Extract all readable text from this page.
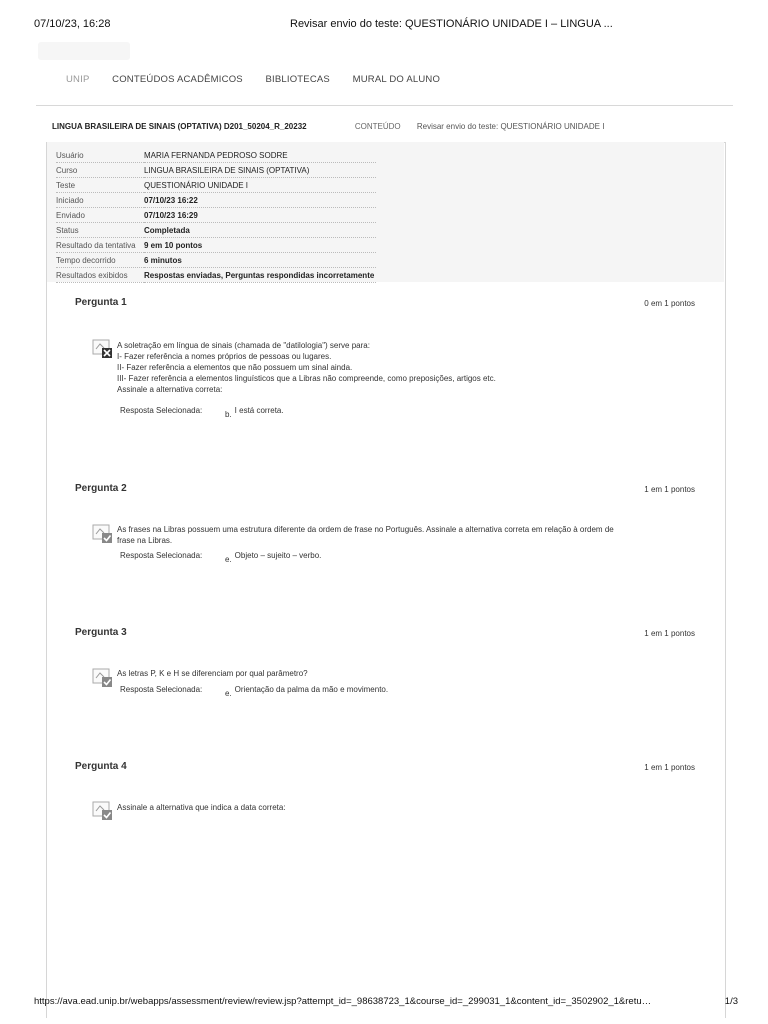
07/10/23, 16:28	Revisar envio do teste: QUESTIONÁRIO UNIDADE I – LINGUA ...
UNIP CONTEÚDOS ACADÊMICOS BIBLIOTECAS MURAL DO ALUNO
LINGUA BRASILEIRA DE SINAIS (OPTATIVA) D201_50204_R_20232	CONTEÚDO Revisar envio do teste: QUESTIONÁRIO UNIDADE I
Usuário	MARIA FERNANDA PEDROSO SODRE
Curso	LINGUA BRASILEIRA DE SINAIS (OPTATIVA)
Teste	QUESTIONÁRIO UNIDADE I
Iniciado	07/10/23 16:22
Enviado	07/10/23 16:29
Status	Completada
Resultado da tentativa	9 em 10 pontos
Tempo decorrido	6 minutos
Resultados exibidos	Respostas enviadas, Perguntas respondidas incorretamente
Pergunta 1	0 em 1 pontos
A soletração em língua de sinais (chamada de "datilologia") serve para:
I- Fazer referência a nomes próprios de pessoas ou lugares.
II- Fazer referência a elementos que não possuem um sinal ainda.
III- Fazer referência a elementos linguísticos que a Libras não compreende, como preposições, artigos etc.
Assinale a alternativa correta:
Resposta Selecionada:	b. I está correta.
Pergunta 2	1 em 1 pontos
As frases na Libras possuem uma estrutura diferente da ordem de frase no Português. Assinale a alternativa correta em relação à ordem de
frase na Libras.
Resposta Selecionada:	e. Objeto – sujeito – verbo.
Pergunta 3	1 em 1 pontos
As letras P, K e H se diferenciam por qual parâmetro?
Resposta Selecionada:	e. Orientação da palma da mão e movimento.
Pergunta 4	1 em 1 pontos
Assinale a alternativa que indica a data correta:
https://ava.ead.unip.br/webapps/assessment/review/review.jsp?attempt_id=_98638723_1&course_id=_299031_1&content_id=_3502902_1&retu…	1/3
